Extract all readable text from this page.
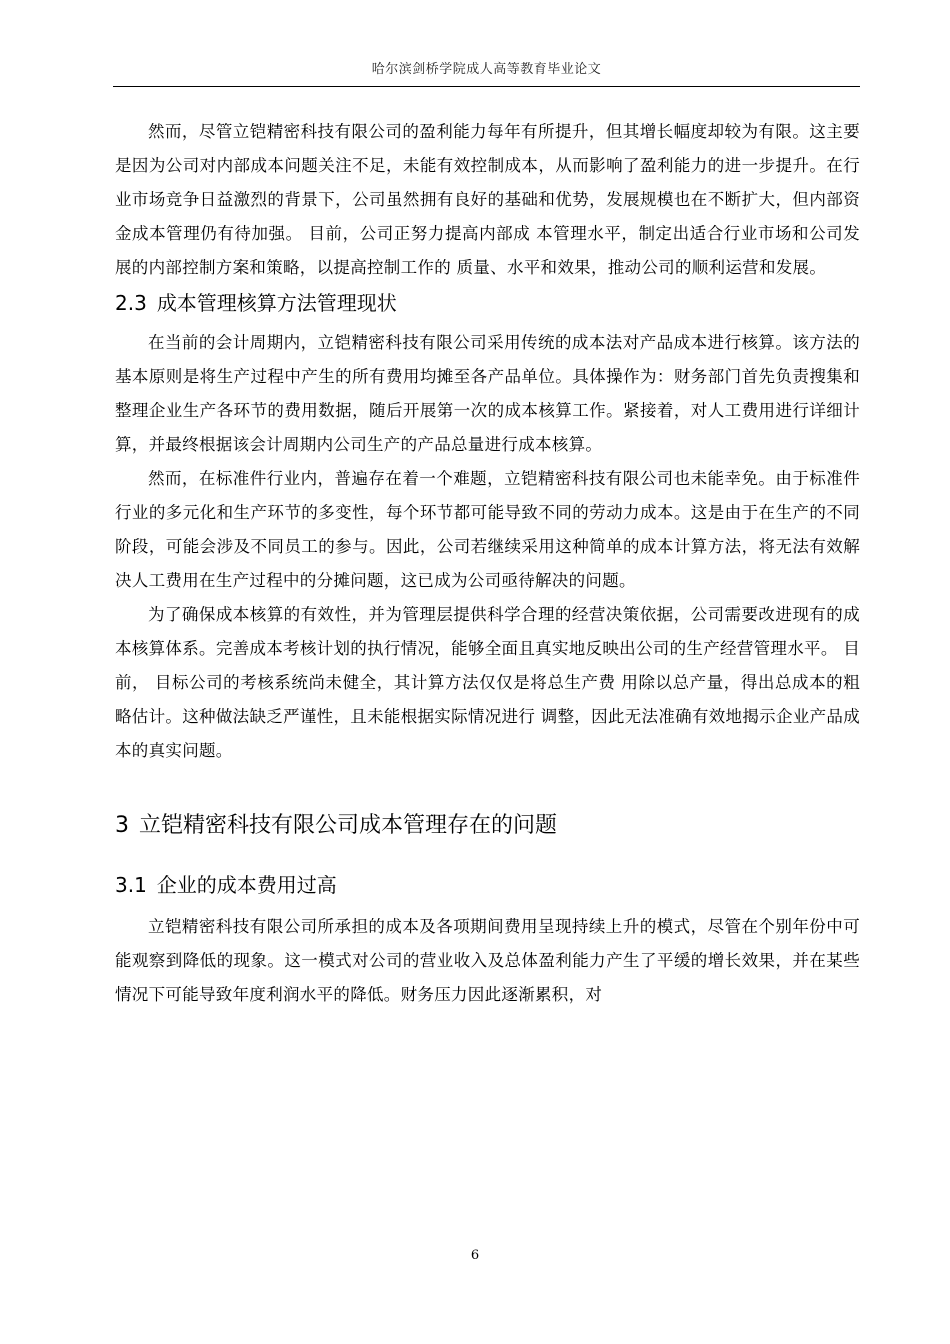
哈尔滨剑桥学院成人高等教育毕业论文

然而，尽管立铠精密科技有限公司的盈利能力每年有所提升，但其增长幅度却较为有限。这主要是因为公司对内部成本问题关注不足，未能有效控制成本，从而影响了盈利能力的进一步提升。在行业市场竞争日益激烈的背景下，公司虽然拥有良好的基础和优势，发展规模也在不断扩大，但内部资金成本管理仍有待加强。 目前，公司正努力提高内部成 本管理水平，制定出适合行业市场和公司发展的内部控制方案和策略，以提高控制工作的 质量、水平和效果，推动公司的顺利运营和发展。

2.3 成本管理核算方法管理现状

在当前的会计周期内，立铠精密科技有限公司采用传统的成本法对产品成本进行核算。该方法的基本原则是将生产过程中产生的所有费用均摊至各产品单位。具体操作为：财务部门首先负责搜集和整理企业生产各环节的费用数据，随后开展第一次的成本核算工作。紧接着，对人工费用进行详细计算，并最终根据该会计周期内公司生产的产品总量进行成本核算。

然而，在标准件行业内，普遍存在着一个难题，立铠精密科技有限公司也未能幸免。由于标准件行业的多元化和生产环节的多变性，每个环节都可能导致不同的劳动力成本。这是由于在生产的不同阶段，可能会涉及不同员工的参与。因此，公司若继续采用这种简单的成本计算方法，将无法有效解决人工费用在生产过程中的分摊问题，这已成为公司亟待解决的问题。

为了确保成本核算的有效性，并为管理层提供科学合理的经营决策依据，公司需要改进现有的成本核算体系。完善成本考核计划的执行情况，能够全面且真实地反映出公司的生产经营管理水平。 目前， 目标公司的考核系统尚未健全，其计算方法仅仅是将总生产费 用除以总产量，得出总成本的粗略估计。这种做法缺乏严谨性，且未能根据实际情况进行 调整，因此无法准确有效地揭示企业产品成本的真实问题。

3 立铠精密科技有限公司成本管理存在的问题
3.1 企业的成本费用过高

立铠精密科技有限公司所承担的成本及各项期间费用呈现持续上升的模式，尽管在个别年份中可能观察到降低的现象。这一模式对公司的营业收入及总体盈利能力产生了平缓的增长效果，并在某些情况下可能导致年度利润水平的降低。财务压力因此逐渐累积，对

6
